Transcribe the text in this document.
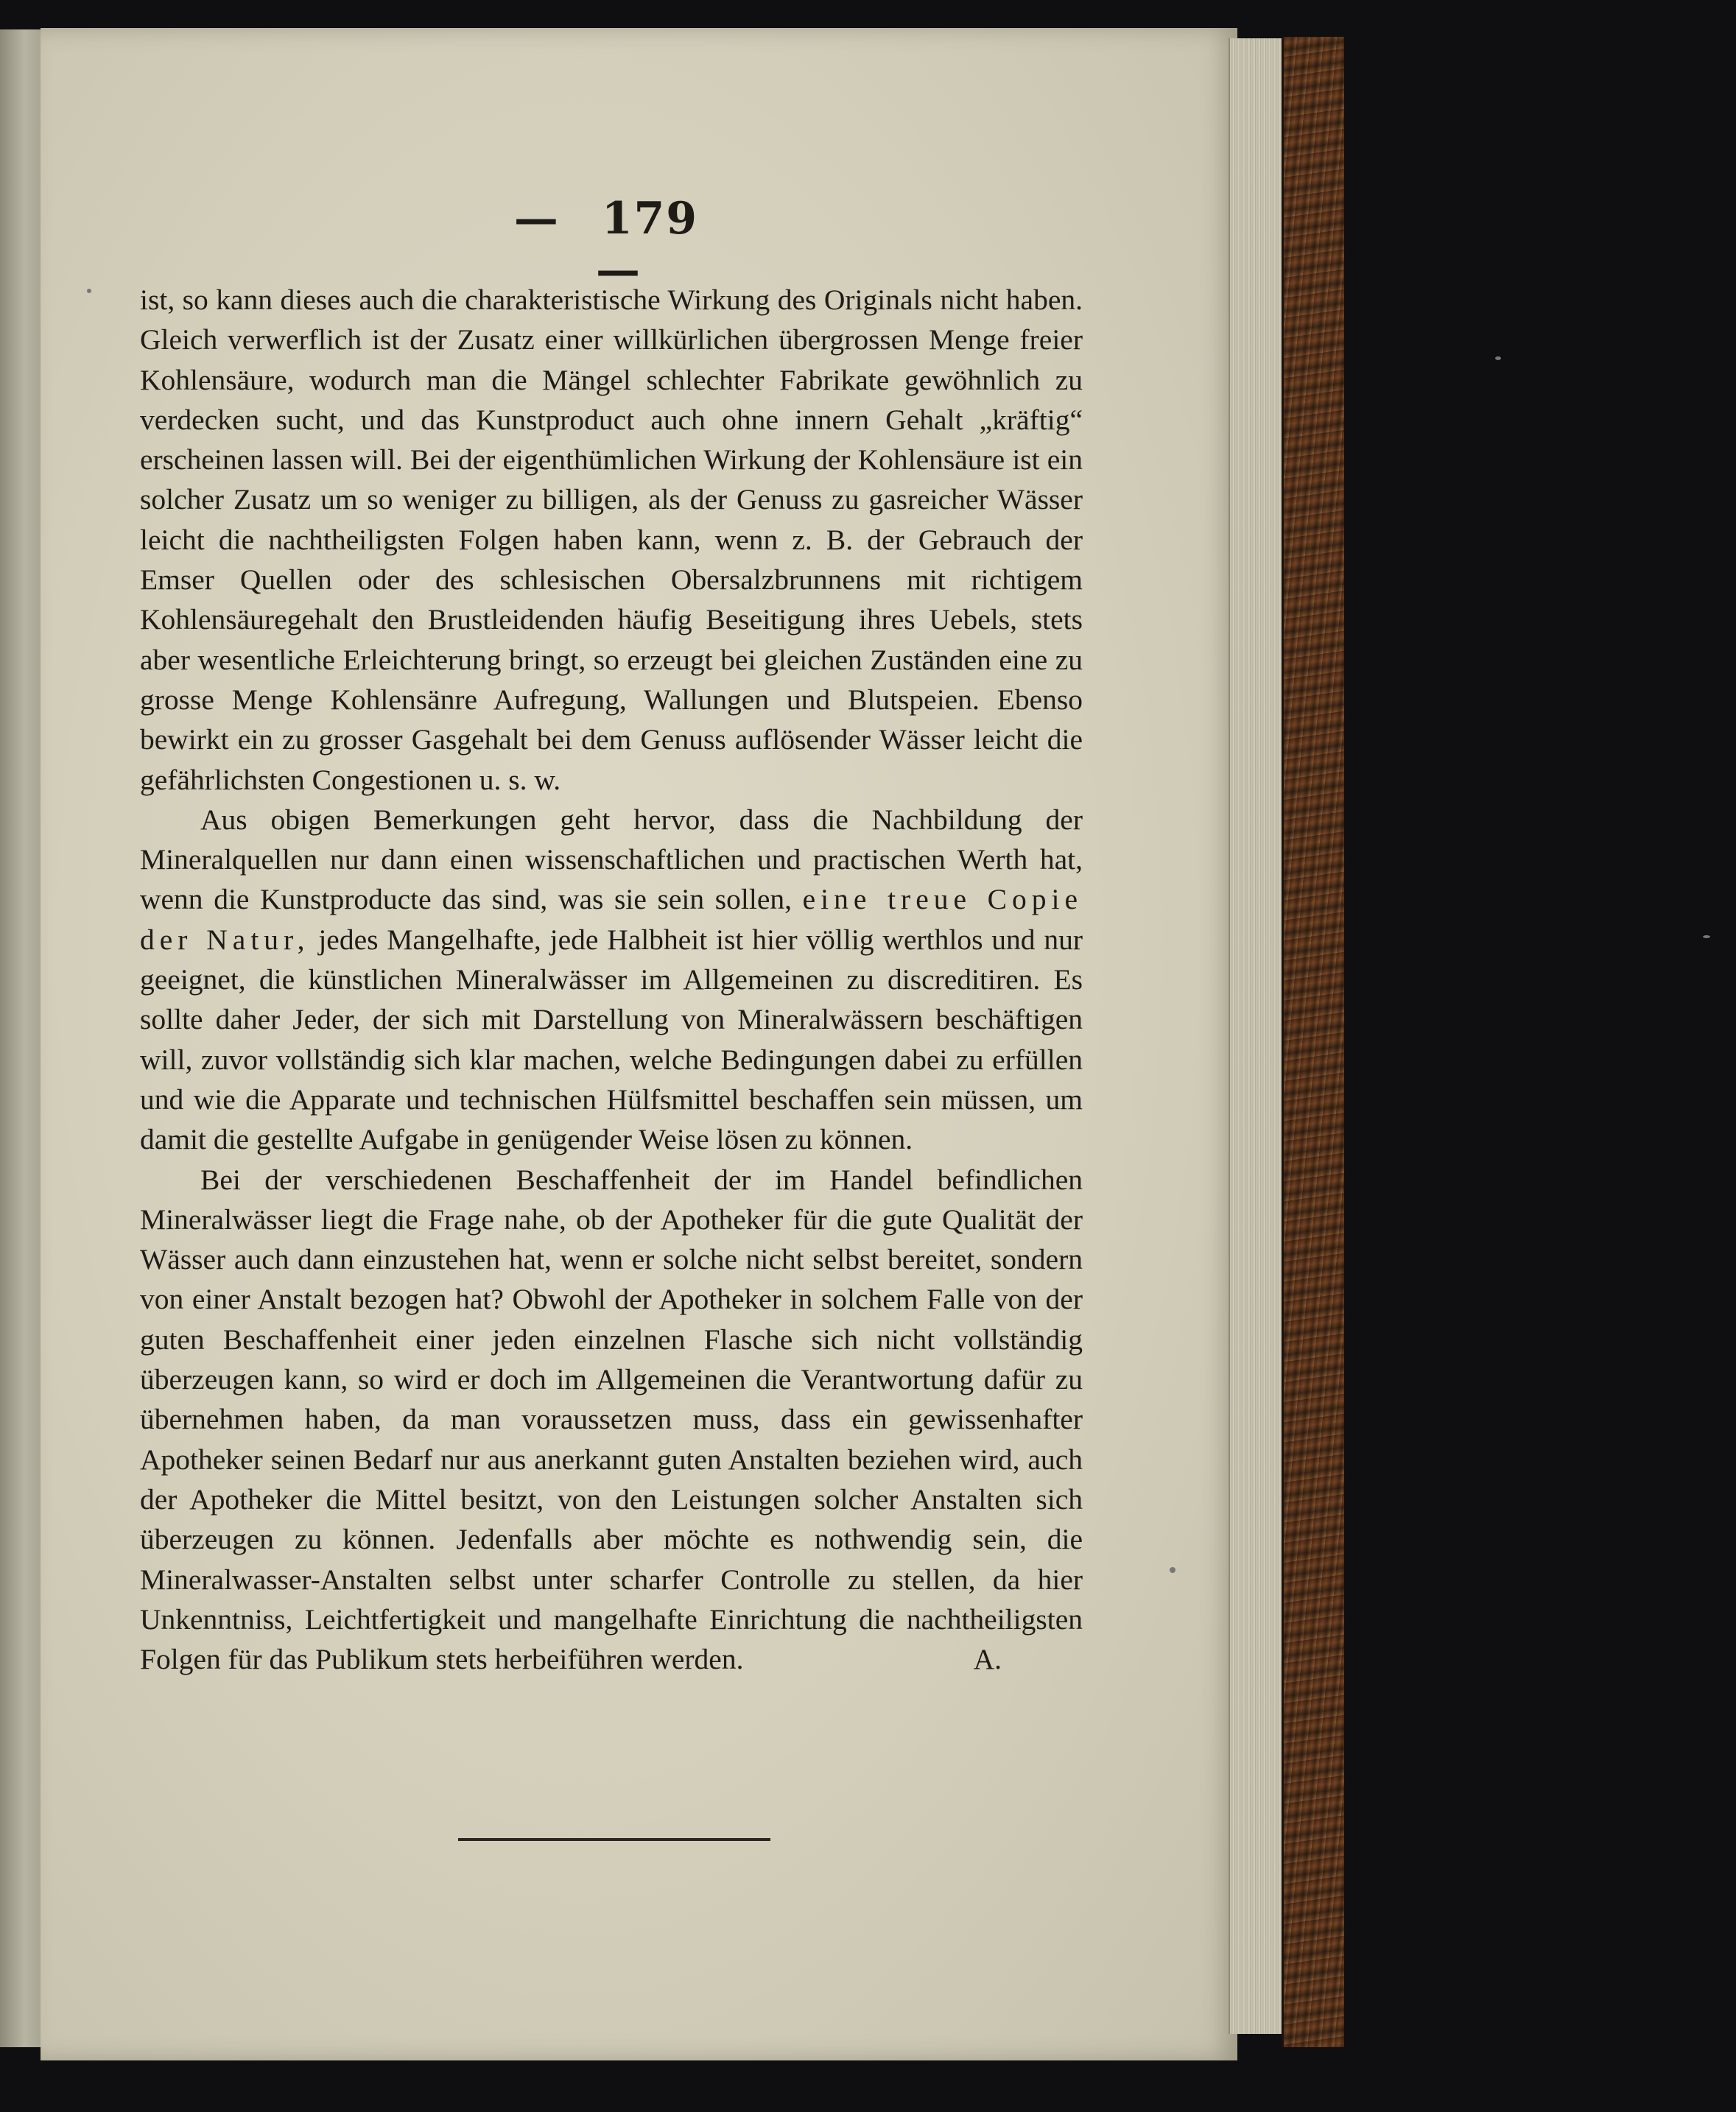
— 179 —

ist, so kann dieses auch die charakteristische Wirkung des Originals nicht haben. Gleich verwerflich ist der Zusatz einer willkürlichen übergrossen Menge freier Kohlensäure, wodurch man die Mängel schlechter Fabrikate gewöhnlich zu verdecken sucht, und das Kunstproduct auch ohne innern Gehalt „kräftig“ erscheinen lassen will. Bei der eigenthümlichen Wirkung der Kohlensäure ist ein solcher Zusatz um so weniger zu billigen, als der Genuss zu gasreicher Wässer leicht die nachtheiligsten Folgen haben kann, wenn z. B. der Gebrauch der Emser Quellen oder des schlesischen Obersalzbrunnens mit richtigem Kohlensäuregehalt den Brustleidenden häufig Beseitigung ihres Uebels, stets aber wesentliche Erleichterung bringt, so erzeugt bei gleichen Zuständen eine zu grosse Menge Kohlensänre Aufregung, Wallungen und Blutspeien. Ebenso bewirkt ein zu grosser Gasgehalt bei dem Genuss auflösender Wässer leicht die gefährlichsten Congestionen u. s. w.

Aus obigen Bemerkungen geht hervor, dass die Nachbildung der Mineralquellen nur dann einen wissenschaftlichen und practischen Werth hat, wenn die Kunstproducte das sind, was sie sein sollen, eine treue Copie der Natur, jedes Mangelhafte, jede Halbheit ist hier völlig werthlos und nur geeignet, die künstlichen Mineralwässer im Allgemeinen zu discreditiren. Es sollte daher Jeder, der sich mit Darstellung von Mineralwässern beschäftigen will, zuvor vollständig sich klar machen, welche Bedingungen dabei zu erfüllen und wie die Apparate und technischen Hülfsmittel beschaffen sein müssen, um damit die gestellte Aufgabe in genügender Weise lösen zu können.

Bei der verschiedenen Beschaffenheit der im Handel befindlichen Mineralwässer liegt die Frage nahe, ob der Apotheker für die gute Qualität der Wässer auch dann einzustehen hat, wenn er solche nicht selbst bereitet, sondern von einer Anstalt bezogen hat? Obwohl der Apotheker in solchem Falle von der guten Beschaffenheit einer jeden einzelnen Flasche sich nicht vollständig überzeugen kann, so wird er doch im Allgemeinen die Verantwortung dafür zu übernehmen haben, da man voraussetzen muss, dass ein gewissenhafter Apotheker seinen Bedarf nur aus anerkannt guten Anstalten beziehen wird, auch der Apotheker die Mittel besitzt, von den Leistungen solcher Anstalten sich überzeugen zu können. Jedenfalls aber möchte es nothwendig sein, die Mineralwasser-Anstalten selbst unter scharfer Controlle zu stellen, da hier Unkenntniss, Leichtfertigkeit und mangelhafte Einrichtung die nachtheiligsten Folgen für das Publikum stets herbeiführen werden.	A.
